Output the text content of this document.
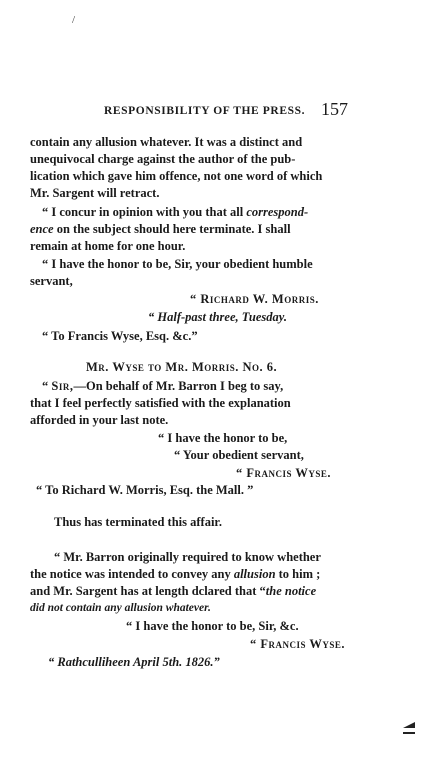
/
RESPONSIBILITY OF THE PRESS. 157
contain any allusion whatever. It was a distinct and
unequivocal charge against the author of the pub-
lication which gave him offence, not one word of which
Mr. Sargent will retract.
“ I concur in opinion with you that all correspond-
ence on the subject should here terminate. I shall
remain at home for one hour.
“ I have the honor to be, Sir, your obedient humble
servant,
“ Richard W. Morris.
“ Half-past three, Tuesday.
“ To Francis Wyse, Esq. &c.”
Mr. Wyse to Mr. Morris. No. 6.
“ Sir,—On behalf of Mr. Barron I beg to say,
that I feel perfectly satisfied with the explanation
afforded in your last note.
“ I have the honor to be,
“ Your obedient servant,
“ Francis Wyse.
“ To Richard W. Morris, Esq. the Mall. ”
Thus has terminated this affair.
“ Mr. Barron originally required to know whether
the notice was intended to convey any allusion to him ;
and Mr. Sargent has at length dclared that “the notice
did not contain any allusion whatever.
“ I have the honor to be, Sir, &c.
“ Francis Wyse.
“ Rathculliheen April 5th. 1826.”
